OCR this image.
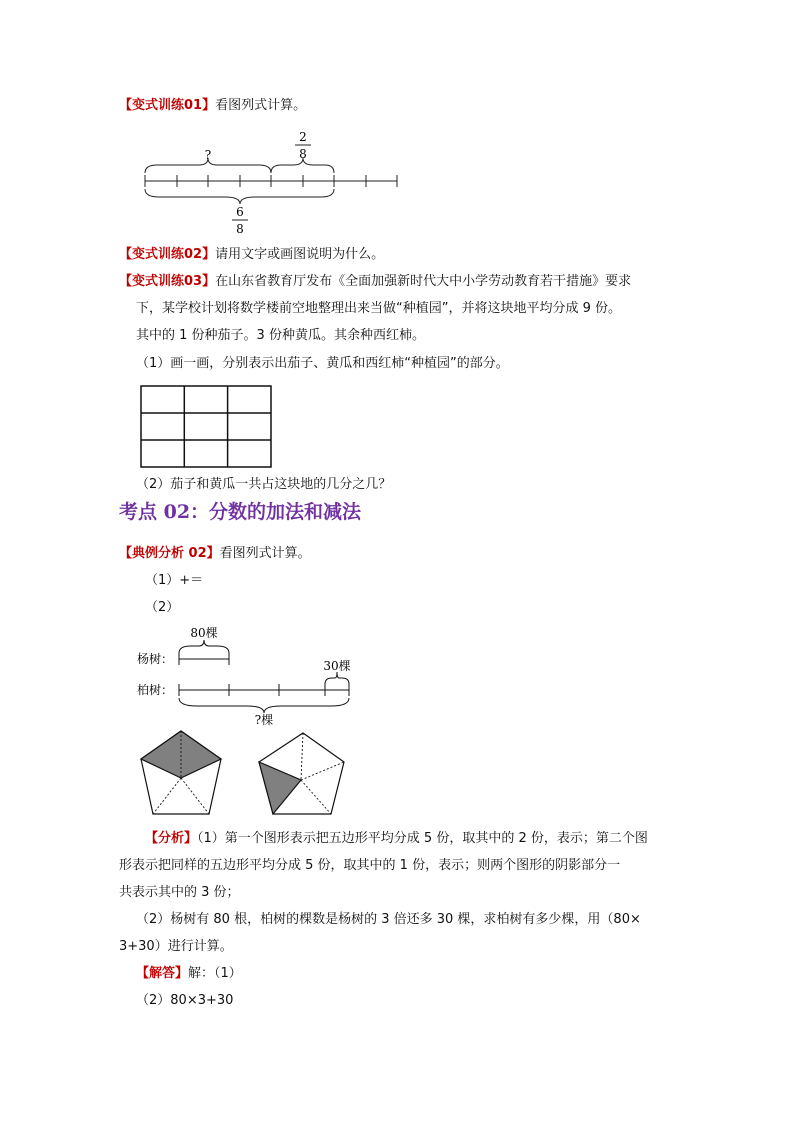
【变式训练01】看图列式计算。
?
2
8
6
8
【变式训练02】请用文字或画图说明为什么。
【变式训练03】在山东省教育厅发布《全面加强新时代大中小学劳动教育若干措施》要求
下，某学校计划将数学楼前空地整理出来当做“种植园”，并将这块地平均分成 9 份。
其中的 1 份种茄子。3 份种黄瓜。其余种西红柿。
（1）画一画，分别表示出茄子、黄瓜和西红柿“种植园”的部分。
（2）茄子和黄瓜一共占这块地的几分之几？
考点 02：分数的加法和减法
【典例分析 02】看图列式计算。
（1）+＝
（2）
杨树：
柏树：
80棵
30棵
?棵
【分析】（1）第一个图形表示把五边形平均分成 5 份，取其中的 2 份，表示；第二个图
形表示把同样的五边形平均分成 5 份，取其中的 1 份，表示；则两个图形的阴影部分一
共表示其中的 3 份；
（2）杨树有 80 根，柏树的棵数是杨树的 3 倍还多 30 棵，求柏树有多少棵，用（80×
3+30）进行计算。
【解答】解：（1）
（2）80×3+30
